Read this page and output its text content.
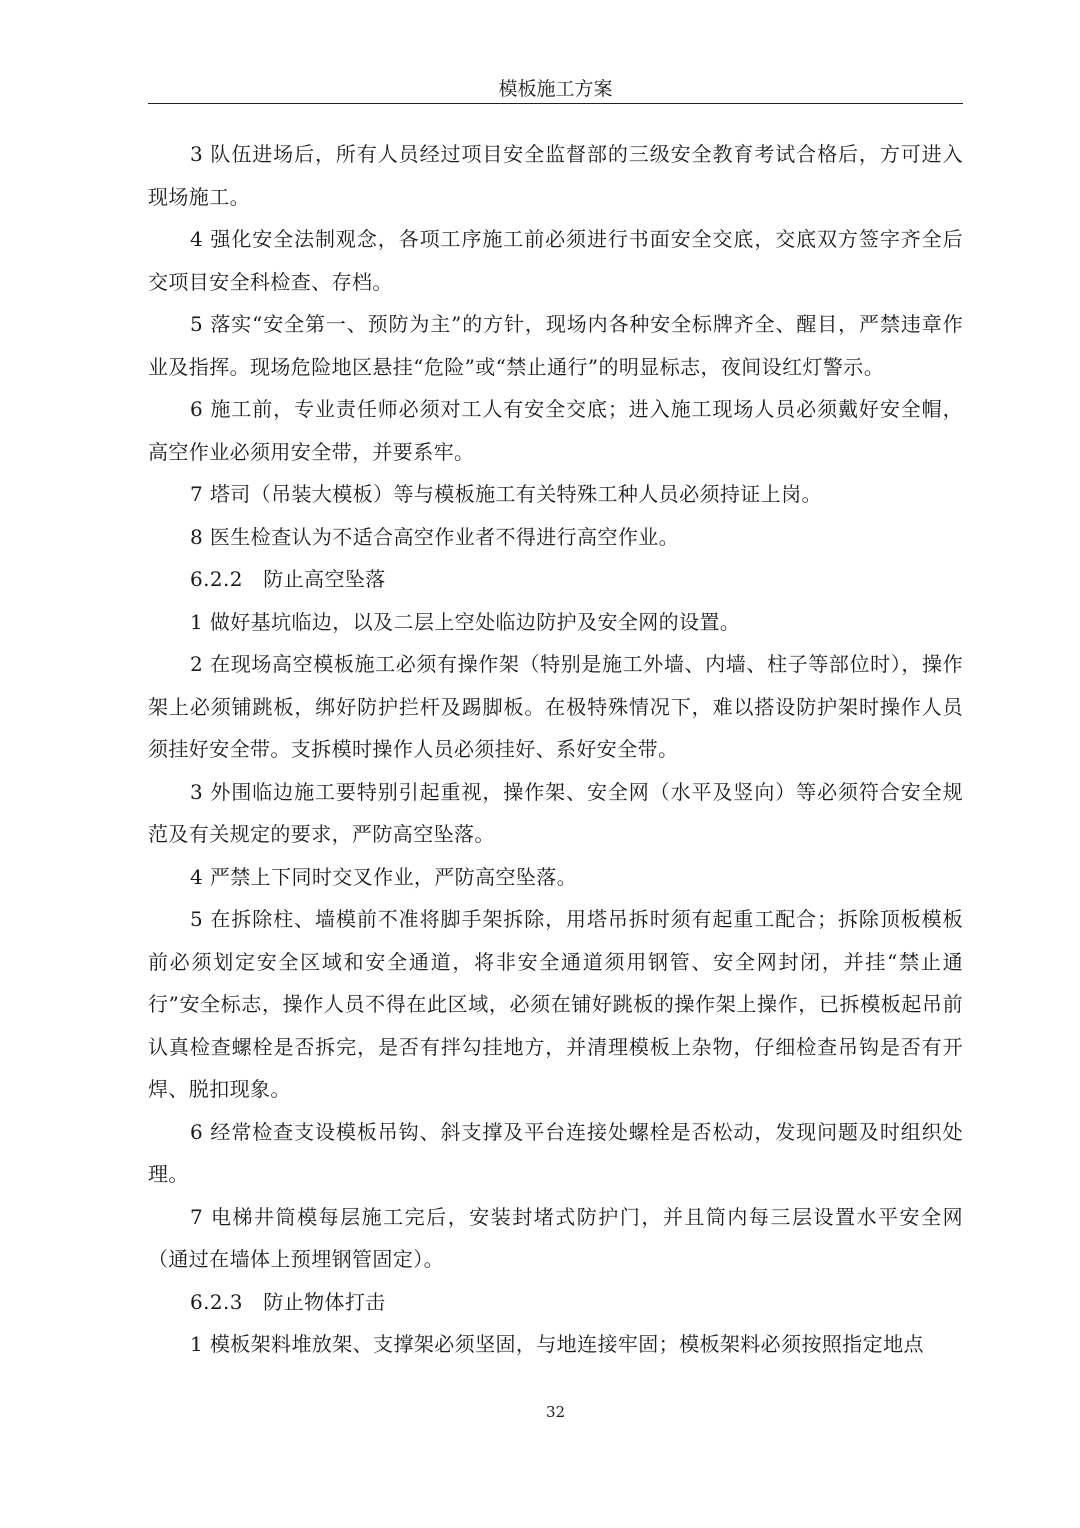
模板施工方案

3 队伍进场后，所有人员经过项目安全监督部的三级安全教育考试合格后，方可进入现场施工。

4 强化安全法制观念，各项工序施工前必须进行书面安全交底，交底双方签字齐全后交项目安全科检查、存档。

5 落实“安全第一、预防为主”的方针，现场内各种安全标牌齐全、醒目，严禁违章作业及指挥。现场危险地区悬挂“危险”或“禁止通行”的明显标志，夜间设红灯警示。

6 施工前，专业责任师必须对工人有安全交底；进入施工现场人员必须戴好安全帽，高空作业必须用安全带，并要系牢。

7 塔司（吊装大模板）等与模板施工有关特殊工种人员必须持证上岗。

8 医生检查认为不适合高空作业者不得进行高空作业。

6.2.2　防止高空坠落

1 做好基坑临边，以及二层上空处临边防护及安全网的设置。

2 在现场高空模板施工必须有操作架（特别是施工外墙、内墙、柱子等部位时），操作架上必须铺跳板，绑好防护拦杆及踢脚板。在极特殊情况下，难以搭设防护架时操作人员须挂好安全带。支拆模时操作人员必须挂好、系好安全带。

3 外围临边施工要特别引起重视，操作架、安全网（水平及竖向）等必须符合安全规范及有关规定的要求，严防高空坠落。

4 严禁上下同时交叉作业，严防高空坠落。

5 在拆除柱、墙模前不准将脚手架拆除，用塔吊拆时须有起重工配合；拆除顶板模板前必须划定安全区域和安全通道，将非安全通道须用钢管、安全网封闭，并挂“禁止通行”安全标志，操作人员不得在此区域，必须在铺好跳板的操作架上操作，已拆模板起吊前认真检查螺栓是否拆完，是否有拌勾挂地方，并清理模板上杂物，仔细检查吊钩是否有开焊、脱扣现象。

6 经常检查支设模板吊钩、斜支撑及平台连接处螺栓是否松动，发现问题及时组织处理。

7 电梯井筒模每层施工完后，安装封堵式防护门，并且筒内每三层设置水平安全网（通过在墙体上预埋钢管固定）。

6.2.3　防止物体打击

1 模板架料堆放架、支撑架必须坚固，与地连接牢固；模板架料必须按照指定地点

32
